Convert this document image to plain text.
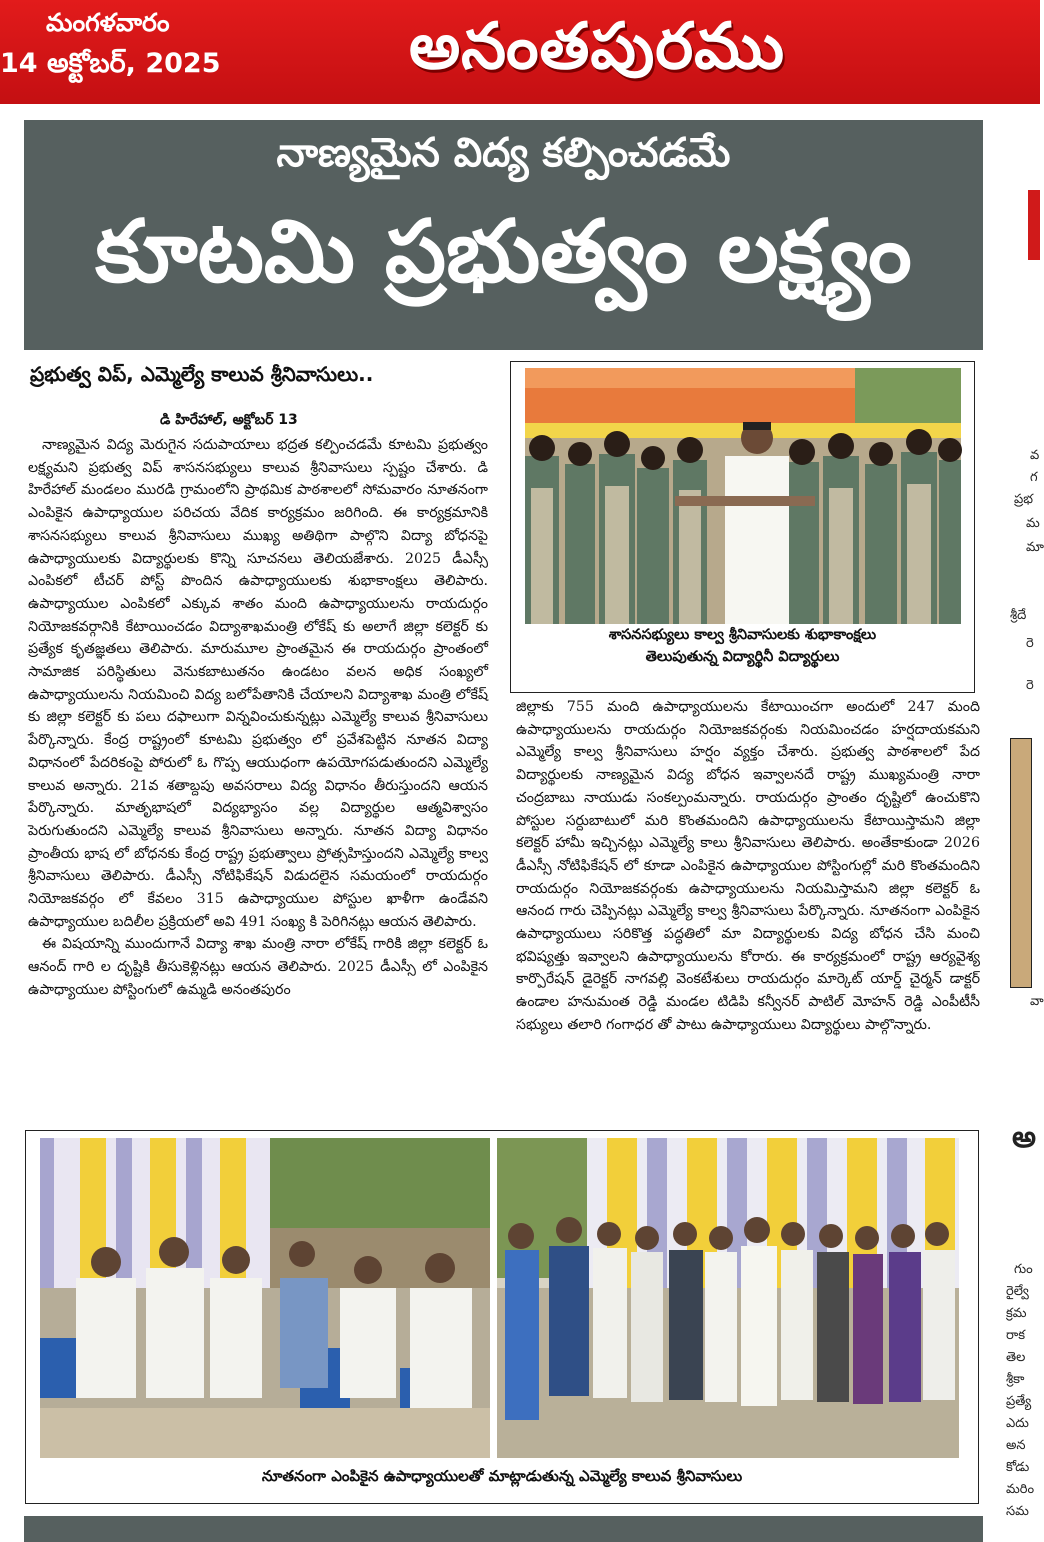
మంగళవారం
14 అక్టోబర్, 2025	అనంతపురము
నాణ్యమైన విద్య కల్పించడమే
కూటమి ప్రభుత్వం లక్ష్యం
ప్రభుత్వ విప్, ఎమ్మెల్యే కాలువ శ్రీనివాసులు..
డి హిరేహాల్, అక్టోబర్ 13

నాణ్యమైన విద్య మెరుగైన సదుపాయాలు భద్రత కల్పించడమే కూటమి ప్రభుత్వం లక్ష్యమని ప్రభుత్వ విప్ శాసనసభ్యులు కాలువ శ్రీనివాసులు స్పష్టం చేశారు. డి హిరేహాల్ మండలం మురడి గ్రామంలోని ప్రాథమిక పాఠశాలలో సోమవారం నూతనంగా ఎంపికైన ఉపాధ్యాయుల పరిచయ వేదిక కార్యక్రమం జరిగింది. ఈ కార్యక్రమానికి శాసనసభ్యులు కాలువ శ్రీనివాసులు ముఖ్య అతిథిగా పాల్గొని విద్యా బోధనపై ఉపాధ్యాయులకు విద్యార్థులకు కొన్ని సూచనలు తెలియజేశారు. 2025 డీఎస్సీ ఎంపికలో టీచర్ పోస్ట్ పొందిన ఉపాధ్యాయులకు శుభాకాంక్షలు తెలిపారు. ఉపాధ్యాయుల ఎంపికలో ఎక్కువ శాతం మంది ఉపాధ్యాయులను రాయదుర్గం నియోజకవర్గానికి కేటాయించడం విద్యాశాఖమంత్రి లోకేష్ కు అలాగే జిల్లా కలెక్టర్ కు ప్రత్యేక కృతజ్ఞతలు తెలిపారు. మారుమూల ప్రాంతమైన ఈ రాయదుర్గం ప్రాంతంలో సామాజిక పరిస్థితులు వెనుకబాటుతనం ఉండటం వలన అధిక సంఖ్యలో ఉపాధ్యాయులను నియమించి విద్య బలోపేతానికి చేయాలని విద్యాశాఖ మంత్రి లోకేష్ కు జిల్లా కలెక్టర్ కు పలు దఫాలుగా విన్నవించుకున్నట్లు ఎమ్మెల్యే కాలువ శ్రీనివాసులు పేర్కొన్నారు. కేంద్ర రాష్ట్రంలో కూటమి ప్రభుత్వం లో ప్రవేశపెట్టిన నూతన విద్యా విధానంలో పేదరికంపై పోరులో ఓ గొప్ప ఆయుధంగా ఉపయోగపడుతుందని ఎమ్మెల్యే కాలువ అన్నారు. 21వ శతాబ్దపు అవసరాలు విద్య విధానం తీరుస్తుందని ఆయన పేర్కొన్నారు. మాతృభాషలో విద్యభ్యాసం వల్ల విద్యార్థుల ఆత్మవిశ్వాసం పెరుగుతుందని ఎమ్మెల్యే కాలువ శ్రీనివాసులు అన్నారు. నూతన విద్యా విధానం ప్రాంతీయ భాష లో బోధనకు కేంద్ర రాష్ట్ర ప్రభుత్వాలు ప్రోత్సహిస్తుందని ఎమ్మెల్యే కాల్వ శ్రీనివాసులు తెలిపారు. డీఎస్సీ నోటిఫికేషన్ విడుదలైన సమయంలో రాయదుర్గం నియోజకవర్గం లో కేవలం 315 ఉపాధ్యాయుల పోస్టుల ఖాళీగా ఉండేవని ఉపాధ్యాయుల బదిలీల ప్రక్రియలో అవి 491 సంఖ్య కి పెరిగినట్లు ఆయన తెలిపారు.

ఈ విషయాన్ని ముందుగానే విద్యా శాఖ మంత్రి నారా లోకేష్ గారికి జిల్లా కలెక్టర్ ఓ ఆనంద్ గారి ల దృష్టికి తీసుకెళ్లినట్లు ఆయన తెలిపారు. 2025 డీఎస్సీ లో ఎంపికైన ఉపాధ్యాయుల పోస్టింగులో ఉమ్మడి అనంతపురం

శాసనసభ్యులు కాల్వ శ్రీనివాసులకు శుభాకాంక్షలు
తెలుపుతున్న విద్యార్థినీ విద్యార్థులు

జిల్లాకు 755 మంది ఉపాధ్యాయులను కేటాయించగా అందులో 247 మంది ఉపాధ్యాయులను రాయదుర్గం నియోజకవర్గంకు నియమించడం హర్షదాయకమని ఎమ్మెల్యే కాల్వ శ్రీనివాసులు హర్షం వ్యక్తం చేశారు. ప్రభుత్వ పాఠశాలలో పేద విద్యార్థులకు నాణ్యమైన విద్య బోధన ఇవ్వాలనదే రాష్ట్ర ముఖ్యమంత్రి నారా చంద్రబాబు నాయుడు సంకల్పంమన్నారు. రాయదుర్గం ప్రాంతం దృష్టిలో ఉంచుకొని పోస్టుల సర్దుబాటులో మరి కొంతమందిని ఉపాధ్యాయులను కేటాయిస్తామని జిల్లా కలెక్టర్ హామీ ఇచ్చినట్లు ఎమ్మెల్యే కాలు శ్రీనివాసులు తెలిపారు. అంతేకాకుండా 2026 డీఎస్సీ నోటిఫికేషన్ లో కూడా ఎంపికైన ఉపాధ్యాయుల పోస్టింగుల్లో మరి కొంతమందిని రాయదుర్గం నియోజకవర్గంకు ఉపాధ్యాయులను నియమిస్తామని జిల్లా కలెక్టర్ ఓ ఆనంద గారు చెప్పినట్లు ఎమ్మెల్యే కాల్వ శ్రీనివాసులు పేర్కొన్నారు. నూతనంగా ఎంపికైన ఉపాధ్యాయులు సరికొత్త పద్ధతిలో మా విద్యార్థులకు విద్య బోధన చేసి మంచి భవిష్యత్తు ఇవ్వాలని ఉపాధ్యాయులను కోరారు. ఈ కార్యక్రమంలో రాష్ట్ర ఆర్యవైశ్య కార్పొరేషన్ డైరెక్టర్ నాగవల్లి వెంకటేశులు రాయదుర్గం మార్కెట్ యార్డ్ చైర్మన్ డాక్టర్ ఉండాల హనుమంత రెడ్డి మండల టిడిపి కన్వీనర్ పాటిల్ మోహన్ రెడ్డి ఎంపీటీసీ సభ్యులు తలారి గంగాధర తో పాటు ఉపాధ్యాయులు విద్యార్థులు పాల్గొన్నారు.

నూతనంగా ఎంపికైన ఉపాధ్యాయులతో మాట్లాడుతున్న ఎమ్మెల్యే కాలువ శ్రీనివాసులు
వ
గ
ప్రభ
మ
మా
శ్రీదే
రె
రె
వా
అ
గుం
రైల్వే
క్రమ
రాక
తెల
శ్రీకా
ప్రత్యే
ఎదు
అన
కోడు
మరిం
సమ
